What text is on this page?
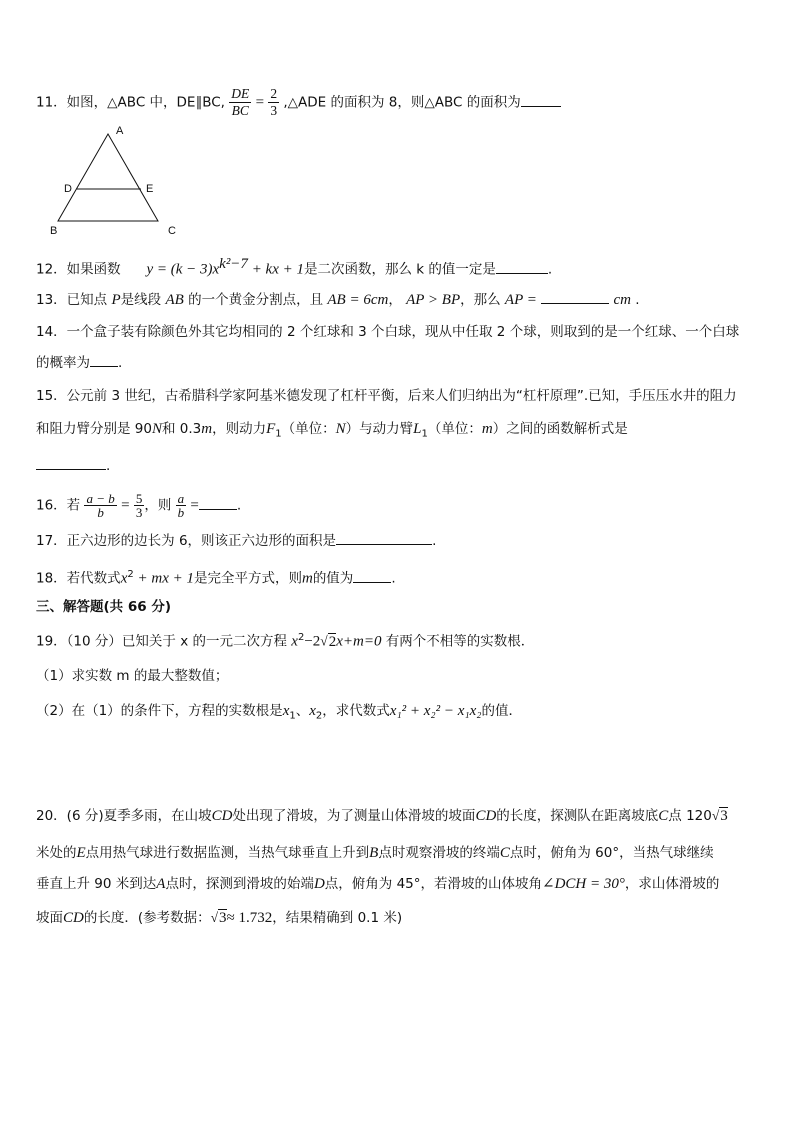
11．如图，△ABC 中，DE∥BC, $\frac{DE}{BC} = \frac{2}{3}$ ,△ADE 的面积为 8，则△ABC 的面积为
A
D	E
B	C
12．如果函数 $y = (k - 3)x^{k^2-7}$ + kx + 1是二次函数，那么 k 的值一定是	.
13．已知点 P是线段 AB 的一个黄金分割点，且 AB = 6cm， AP > BP，那么 AP =	cm .
14．一个盒子装有除颜色外其它均相同的 2 个红球和 3 个白球，现从中任取 2 个球，则取到的是一个红球、一个白球
的概率为 .
15．公元前 3 世纪，古希腊科学家阿基米德发现了杠杆平衡，后来人们归纳出为“杠杆原理”.已知，手压压水井的阻力
和阻力臂分别是 90N和 0.3m，则动力$F_1$（单位：N）与动力臂$L_1$（单位：m）之间的函数解析式是
.
16．若 $\frac{a - b}{b} = \frac{5}{3}$ ，则 $\frac{a}{b}$ =	.
17．正六边形的边长为 6，则该正六边形的面积是	.
18．若代数式$x^2$ + mx + 1是完全平方式，则m的值为	.
三、解答题(共 66 分)
19．（10 分）已知关于 x 的一元二次方程 $x^2-2√2x+m=0$ 有两个不相等的实数根．
（1）求实数 m 的最大整数值；
（2）在（1）的条件下，方程的实数根是$x_1$、$x_2$，求代数式x₁² + x₂² − x₁x₂的值．
20．(6 分)夏季多雨，在山坡CD处出现了滑坡，为了测量山体滑坡的坡面CD的长度，探测队在距离坡底C点 120√3
米处的E点用热气球进行数据监测，当热气球垂直上升到B点时观察滑坡的终端C点时，俯角为 60°，当热气球继续
垂直上升 90 米到达A点时，探测到滑坡的始端D点，俯角为 45°，若滑坡的山体坡角∠DCH = 30°，求山体滑坡的
坡面CD的长度．(参考数据：√3≈ 1.732，结果精确到 0.1 米)
